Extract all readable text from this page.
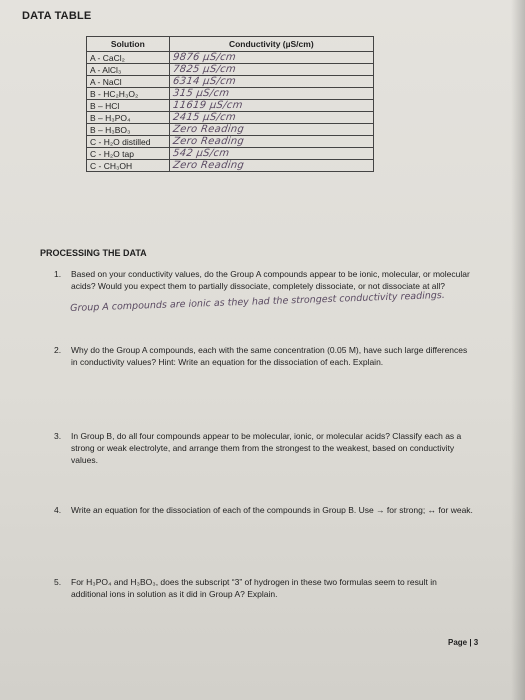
DATA TABLE
Solution	Conductivity (µS/cm)
A - CaCl₂	9876 µS/cm
A - AlCl₃	7825 µS/cm
A - NaCl	6314 µS/cm
B - HC₂H₃O₂	315 µS/cm
B – HCl	11619 µS/cm
B – H₃PO₄	2415 µS/cm
B – H₃BO₃	Zero Reading
C - H₂O distilled	Zero Reading
C - H₂O tap	542 µS/cm
C - CH₃OH	Zero Reading
PROCESSING THE DATA
1. Based on your conductivity values, do the Group A compounds appear to be ionic, molecular, or molecular acids? Would you expect them to partially dissociate, completely dissociate, or not dissociate at all?
Group A compounds are ionic as they had the strongest conductivity readings.
2. Why do the Group A compounds, each with the same concentration (0.05 M), have such large differences in conductivity values? Hint: Write an equation for the dissociation of each. Explain.
3. In Group B, do all four compounds appear to be molecular, ionic, or molecular acids? Classify each as a strong or weak electrolyte, and arrange them from the strongest to the weakest, based on conductivity values.
4. Write an equation for the dissociation of each of the compounds in Group B. Use → for strong; ↔ for weak.
5. For H₃PO₄ and H₃BO₃, does the subscript “3” of hydrogen in these two formulas seem to result in additional ions in solution as it did in Group A? Explain.
Page | 3
